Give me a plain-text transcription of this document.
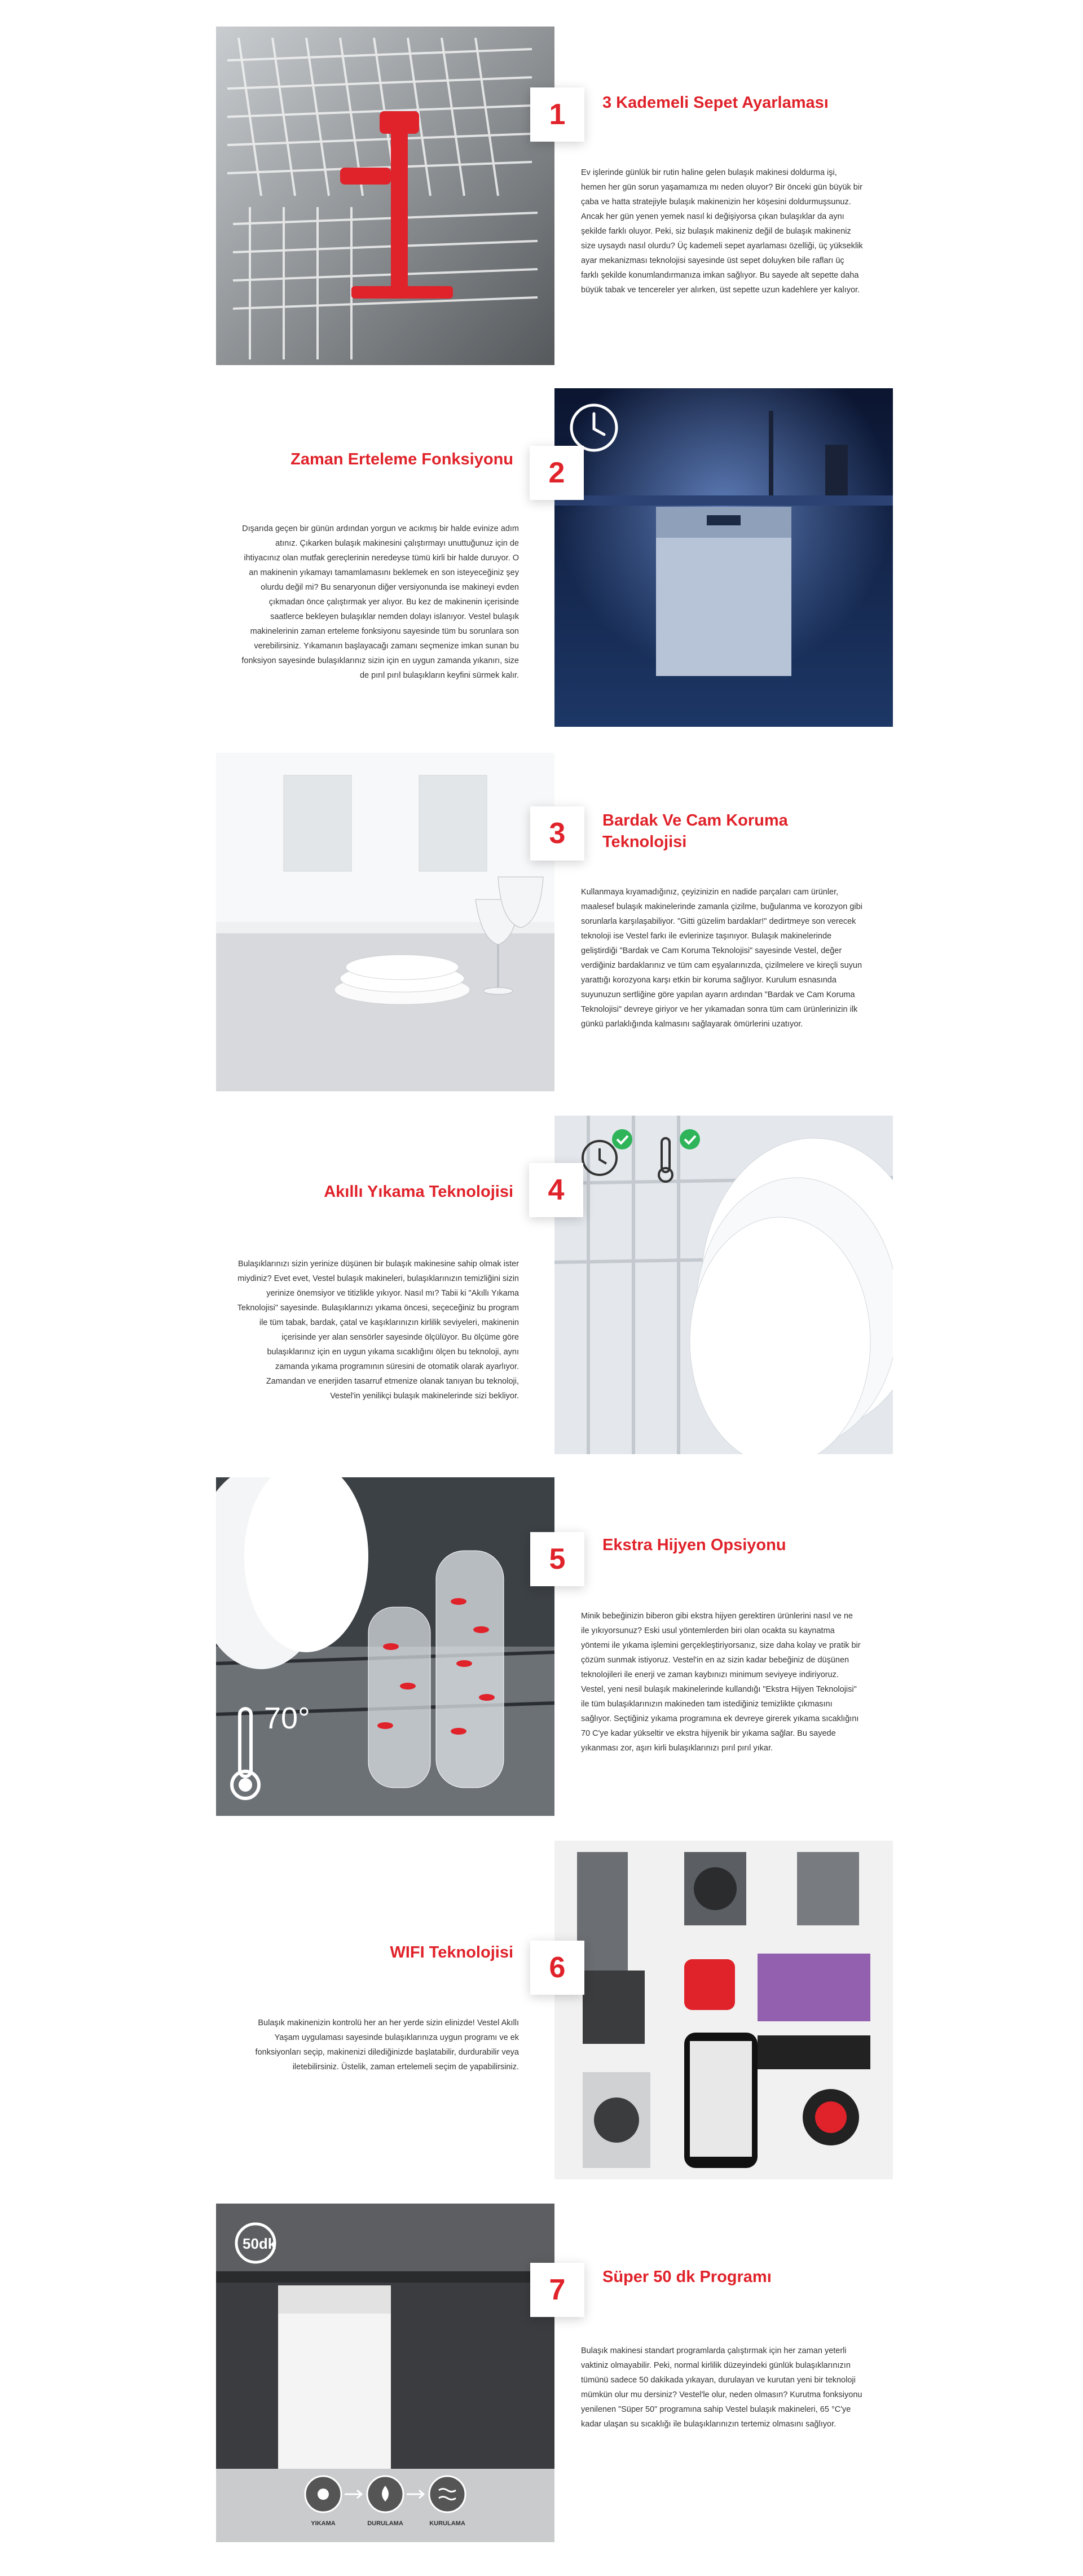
1	3 Kademeli Sepet Ayarlaması
Ev işlerinde günlük bir rutin haline gelen bulaşık makinesi doldurma işi, hemen her gün sorun yaşamamıza mı neden oluyor? Bir önceki gün büyük bir çaba ve hatta stratejiyle bulaşık makinenizin her köşesini doldurmuşsunuz. Ancak her gün yenen yemek nasıl ki değişiyorsa çıkan bulaşıklar da aynı şekilde farklı oluyor. Peki, siz bulaşık makineniz değil de bulaşık makineniz size uysaydı nasıl olurdu? Üç kademeli sepet ayarlaması özelliği, üç yükseklik ayar mekanizması teknolojisi sayesinde üst sepet doluyken bile rafları üç farklı şekilde konumlandırmanıza imkan sağlıyor. Bu sayede alt sepette daha büyük tabak ve tencereler yer alırken, üst sepette uzun kadehlere yer kalıyor.
2
Zaman Erteleme Fonksiyonu
Dışarıda geçen bir günün ardından yorgun ve acıkmış bir halde evinize adım atınız. Çıkarken bulaşık makinesini çalıştırmayı unuttuğunuz için de ihtiyacınız olan mutfak gereçlerinin neredeyse tümü kirli bir halde duruyor. O an makinenin yıkamayı tamamlamasını beklemek en son isteyeceğiniz şey olurdu değil mi? Bu senaryonun diğer versiyonunda ise makineyi evden çıkmadan önce çalıştırmak yer alıyor. Bu kez de makinenin içerisinde saatlerce bekleyen bulaşıklar nemden dolayı islanıyor. Vestel bulaşık makinelerinin zaman erteleme fonksiyonu sayesinde tüm bu sorunlara son verebilirsiniz. Yıkamanın başlayacağı zamanı seçmenize imkan sunan bu fonksiyon sayesinde bulaşıklarınız sizin için en uygun zamanda yıkanırı, size de pırıl pırıl bulaşıkların keyfini sürmek kalır.
3	Bardak Ve Cam Koruma Teknolojisi
Kullanmaya kıyamadığınız, çeyizinizin en nadide parçaları cam ürünler, maalesef bulaşık makinelerinde zamanla çizilme, buğulanma ve korozyon gibi sorunlarla karşılaşabiliyor. "Gitti güzelim bardaklar!" dedirtmeye son verecek teknoloji ise Vestel farkı ile evlerinize taşınıyor. Bulaşık makinelerinde geliştirdiği "Bardak ve Cam Koruma Teknolojisi" sayesinde Vestel, değer verdiğiniz bardaklarınız ve tüm cam eşyalarınızda, çizilmelere ve kireçli suyun yarattığı korozyona karşı etkin bir koruma sağlıyor. Kurulum esnasında suyunuzun sertliğine göre yapılan ayarın ardından "Bardak ve Cam Koruma Teknolojisi" devreye giriyor ve her yıkamadan sonra tüm cam ürünlerinizin ilk günkü parlaklığında kalmasını sağlayarak ömürlerini uzatıyor.
4
Akıllı Yıkama Teknolojisi
Bulaşıklarınızı sizin yerinize düşünen bir bulaşık makinesine sahip olmak ister miydiniz? Evet evet, Vestel bulaşık makineleri, bulaşıklarınızın temizliğini sizin yerinize önemsiyor ve titizlikle yıkıyor. Nasıl mı? Tabii ki "Akıllı Yıkama Teknolojisi" sayesinde. Bulaşıklarınızı yıkama öncesi, seçeceğiniz bu program ile tüm tabak, bardak, çatal ve kaşıklarınızın kirlilik seviyeleri, makinenin içerisinde yer alan sensörler sayesinde ölçülüyor. Bu ölçüme göre bulaşıklarınız için en uygun yıkama sıcaklığını ölçen bu teknoloji, aynı zamanda yıkama programının süresini de otomatik olarak ayarlıyor. Zamandan ve enerjiden tasarruf etmenize olanak tanıyan bu teknoloji, Vestel'in yenilikçi bulaşık makinelerinde sizi bekliyor.
70°
5	Ekstra Hijyen Opsiyonu
Minik bebeğinizin biberon gibi ekstra hijyen gerektiren ürünlerini nasıl ve ne ile yıkıyorsunuz? Eski usul yöntemlerden biri olan ocakta su kaynatma yöntemi ile yıkama işlemini gerçekleştiriyorsanız, size daha kolay ve pratik bir çözüm sunmak istiyoruz. Vestel'in en az sizin kadar bebeğiniz de düşünen teknolojileri ile enerji ve zaman kaybınızı minimum seviyeye indiriyoruz. Vestel, yeni nesil bulaşık makinelerinde kullandığı "Ekstra Hijyen Teknolojisi" ile tüm bulaşıklarınızın makineden tam istediğiniz temizlikte çıkmasını sağlıyor. Seçtiğiniz yıkama programına ek devreye girerek yıkama sıcaklığını 70 C'ye kadar yükseltir ve ekstra hijyenik bir yıkama sağlar. Bu sayede yıkanması zor, aşırı kirli bulaşıklarınızı pırıl pırıl yıkar.
6
WIFI Teknolojisi
Bulaşık makinenizin kontrolü her an her yerde sizin elinizde! Vestel Akıllı Yaşam uygulaması sayesinde bulaşıklarınıza uygun programı ve ek fonksiyonları seçip, makinenizi dilediğinizde başlatabilir, durdurabilir veya iletebilirsiniz. Üstelik, zaman ertelemeli seçim de yapabilirsiniz.
50dk
YIKAMA	DURULAMA	KURULAMA
7	Süper 50 dk Programı
Bulaşık makinesi standart programlarda çalıştırmak için her zaman yeterli vaktiniz olmayabilir. Peki, normal kirlilik düzeyindeki günlük bulaşıklarınızın tümünü sadece 50 dakikada yıkayan, durulayan ve kurutan yeni bir teknoloji mümkün olur mu dersiniz? Vestel'le olur, neden olmasın? Kurutma fonksiyonu yenilenen "Süper 50" programına sahip Vestel bulaşık makineleri, 65 °C'ye kadar ulaşan su sıcaklığı ile bulaşıklarınızın tertemiz olmasını sağlıyor.
